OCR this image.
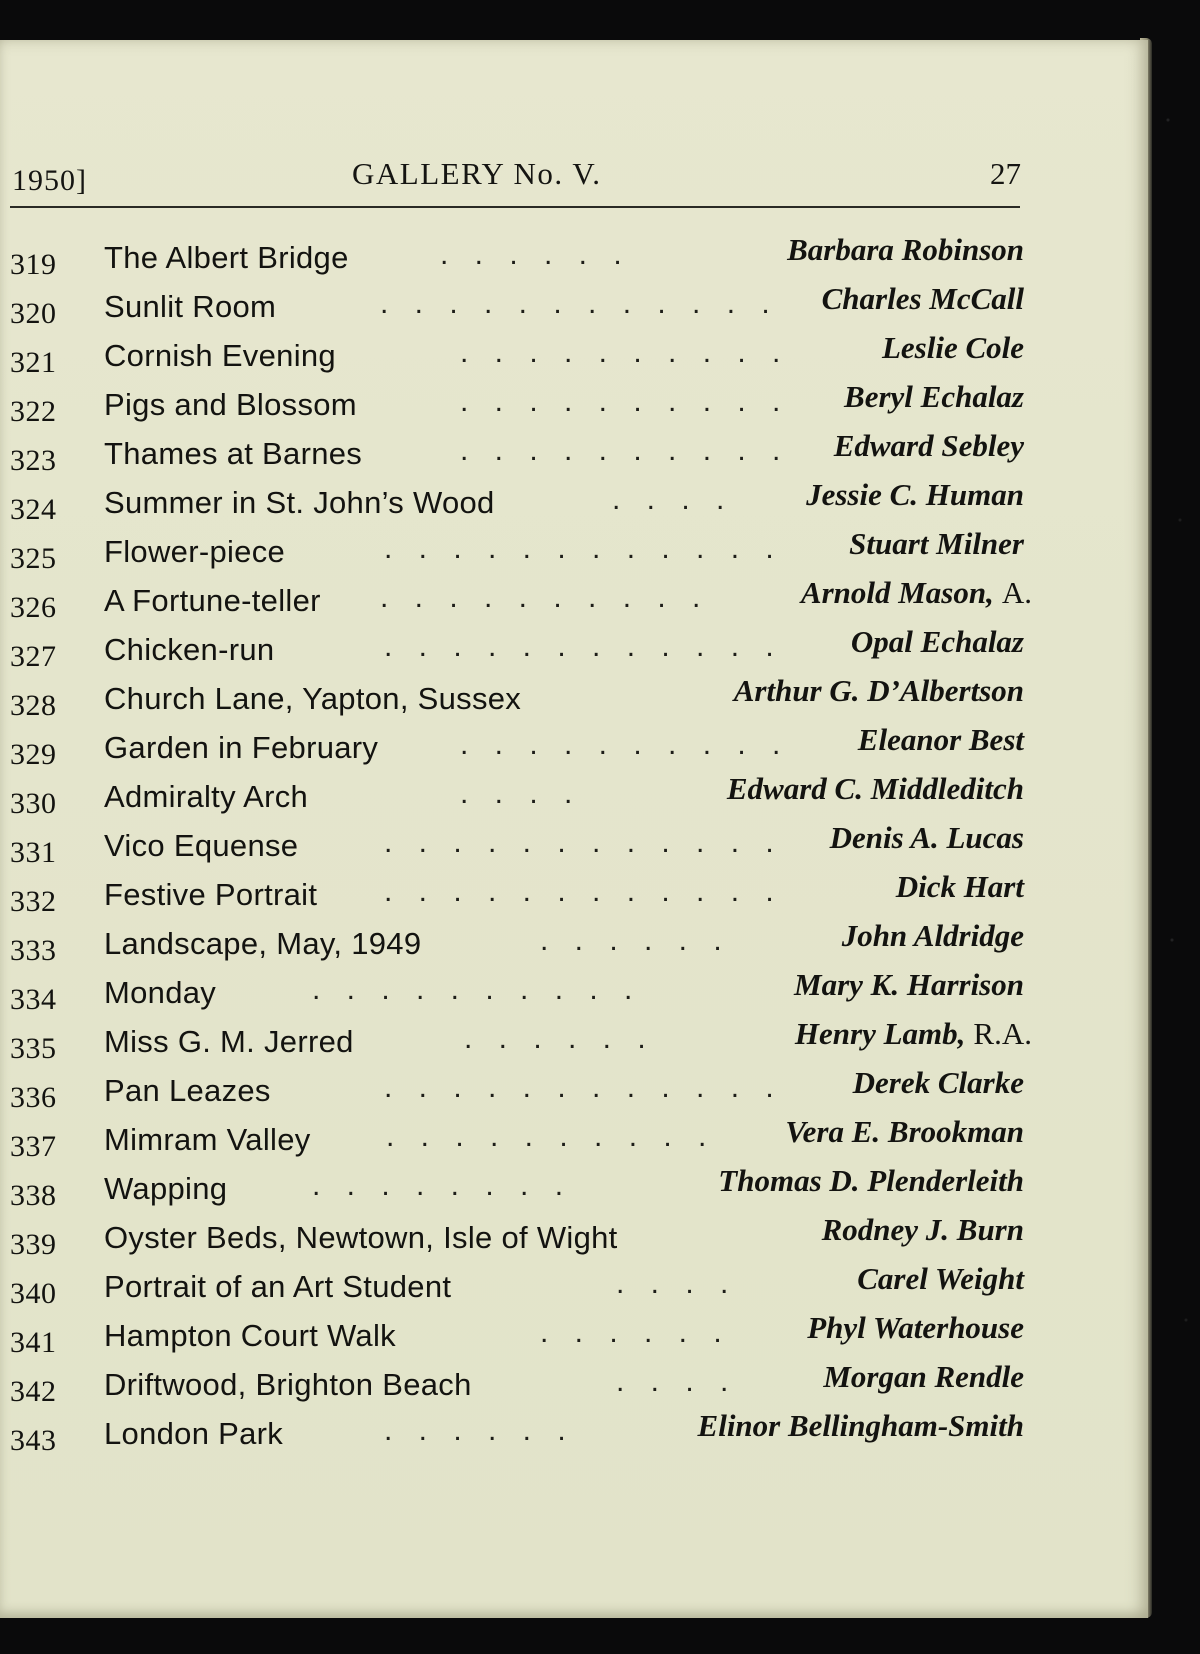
1950]	GALLERY No. V.	27
319 The Albert Bridge	. . . . . .	Barbara Robinson
320 Sunlit Room	. . . . . . . . . . . . Charles McCall
321 Cornish Evening	. . . . . . . . . .	Leslie Cole
322 Pigs and Blossom	. . . . . . . . . . Beryl Echalaz
323 Thames at Barnes	. . . . . . . . . . Edward Sebley
324 Summer in St. John’s Wood	. . . . Jessie C. Human
325 Flower-piece	. . . . . . . . . . . . Stuart Milner
326 A Fortune-teller . . . . . . . . . .	Arnold Mason, A.
327 Chicken-run	. . . . . . . . . . . . Opal Echalaz
328 Church Lane, Yapton, Sussex	Arthur G. D’Albertson
329 Garden in February	. . . . . . . . . . Eleanor Best
330 Admiralty Arch	. . . .	Edward C. Middleditch
331 Vico Equense	. . . . . . . . . . . . Denis A. Lucas
332 Festive Portrait . . . . . . . . . . . .	Dick Hart
333 Landscape, May, 1949	. . . . . .	John Aldridge
334 Monday	. . . . . . . . . .	Mary K. Harrison
335 Miss G. M. Jerred	. . . . . .	Henry Lamb, R.A.
336 Pan Leazes	. . . . . . . . . . . . Derek Clarke
337 Mimram Valley	. . . . . . . . . . Vera E. Brookman
338 Wapping	. . . . . . . .	Thomas D. Plenderleith
339 Oyster Beds, Newtown, Isle of Wight	Rodney J. Burn
340 Portrait of an Art Student	. . . .	Carel Weight
341 Hampton Court Walk	. . . . . . Phyl Waterhouse
342 Driftwood, Brighton Beach	. . . .	Morgan Rendle
343 London Park	. . . . . .	Elinor Bellingham-Smith
